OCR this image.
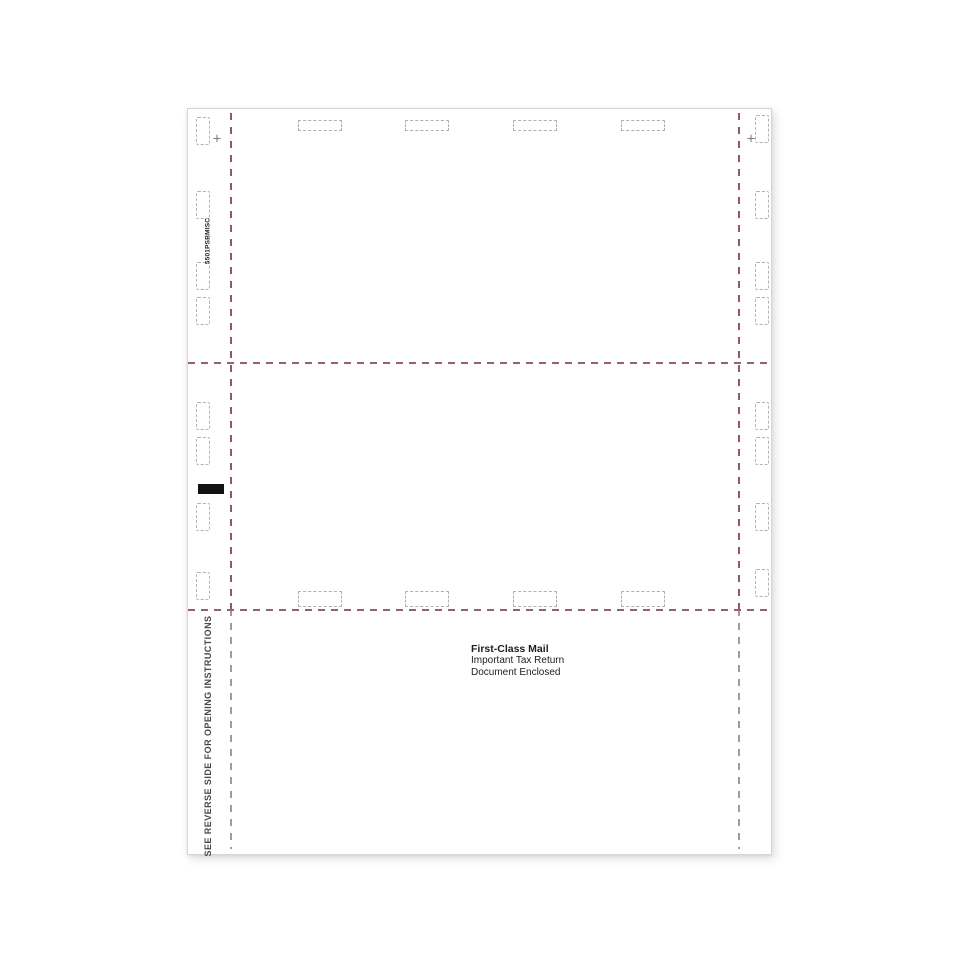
+	+
5501PSBMISC
SEE REVERSE SIDE FOR OPENING INSTRUCTIONS	First-Class Mail
Important Tax Return
Document Enclosed
